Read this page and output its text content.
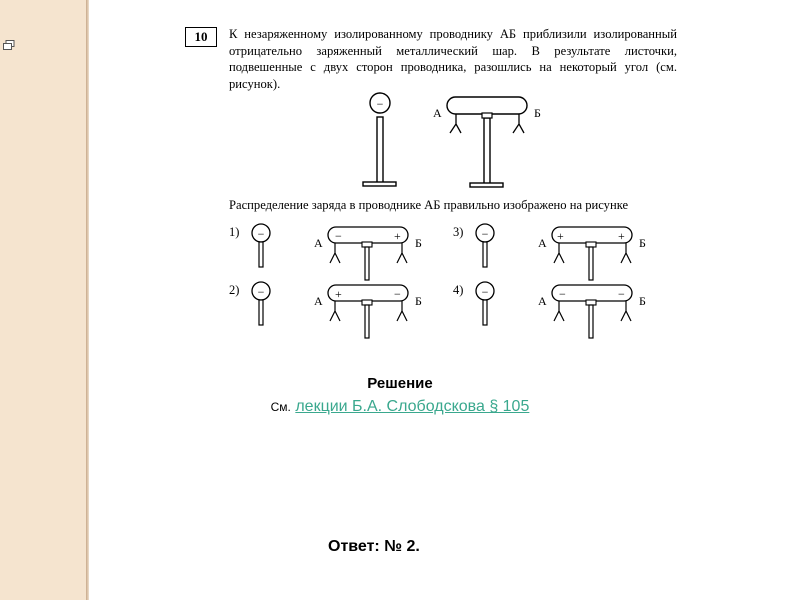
10	К незаряженному изолированному проводнику АБ приблизили изолированный отрицательно заряженный металлический шар. В результате листочки, подвешенные с двух сторон проводника, разошлись на некоторый угол (см. рисунок).

Распределение заряда в проводнике АБ правильно изображено на рисунке
−
А	Б
1) −	−	+
А	Б
2) −	+	−
А	Б
3) −	+	+
А	Б
4) −	−	−
А	Б
Решение
См. лекции Б.А. Слободскова § 105
Ответ: № 2.
